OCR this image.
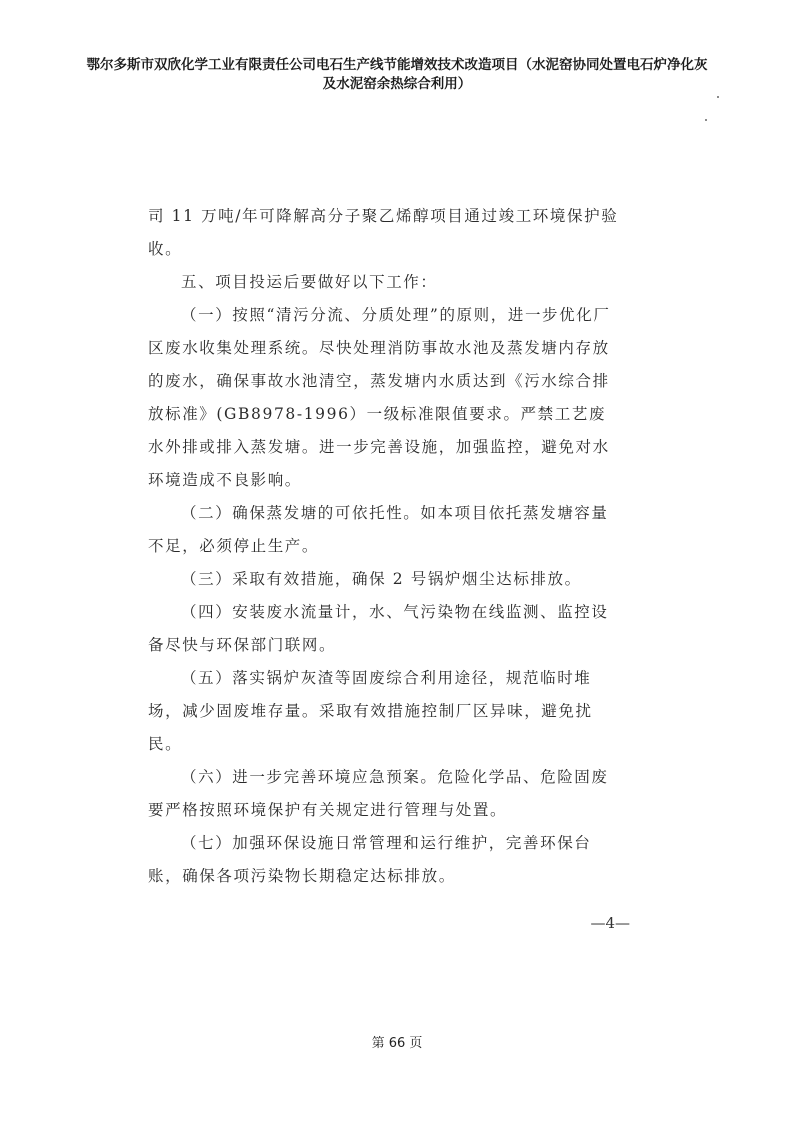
鄂尔多斯市双欣化学工业有限责任公司电石生产线节能增效技术改造项目（水泥窑协同处置电石炉净化灰
及水泥窑余热综合利用）

司 11 万吨/年可降解高分子聚乙烯醇项目通过竣工环境保护验收。

五、项目投运后要做好以下工作：

（一）按照“清污分流、分质处理”的原则，进一步优化厂区废水收集处理系统。尽快处理消防事故水池及蒸发塘内存放的废水，确保事故水池清空，蒸发塘内水质达到《污水综合排放标准》(GB8978-1996）一级标准限值要求。严禁工艺废水外排或排入蒸发塘。进一步完善设施，加强监控，避免对水环境造成不良影响。

（二）确保蒸发塘的可依托性。如本项目依托蒸发塘容量不足，必须停止生产。

（三）采取有效措施，确保 2 号锅炉烟尘达标排放。

（四）安装废水流量计，水、气污染物在线监测、监控设备尽快与环保部门联网。

（五）落实锅炉灰渣等固废综合利用途径，规范临时堆场，减少固废堆存量。采取有效措施控制厂区异味，避免扰民。

（六）进一步完善环境应急预案。危险化学品、危险固废要严格按照环境保护有关规定进行管理与处置。

（七）加强环保设施日常管理和运行维护，完善环保台账，确保各项污染物长期稳定达标排放。

—4—
第 66 页
